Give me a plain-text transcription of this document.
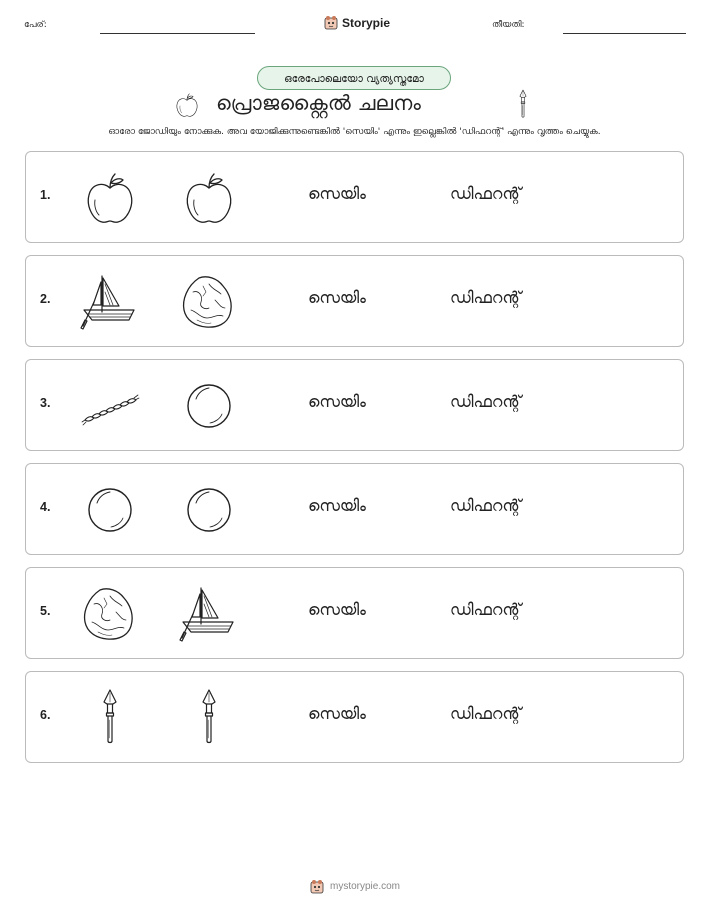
പേര്:	Storypie	തീയതി:
ഒരേപോലെയോ വ്യത്യസ്തമോ
പ്രൊജക്റ്റൈൽ ചലനം
ഓരോ ജോഡിയും നോക്കുക. അവ യോജിക്കുന്നുണ്ടെങ്കിൽ 'സെയിം' എന്നും ഇല്ലെങ്കിൽ 'ഡിഫറന്റ്' എന്നും വൃത്തം ചെയ്യുക.
1.	സെയിം	ഡിഫറന്റ്
2.	സെയിം	ഡിഫറന്റ്
3.	സെയിം	ഡിഫറന്റ്
4.	സെയിം	ഡിഫറന്റ്
5.	സെയിം	ഡിഫറന്റ്
6.	സെയിം	ഡിഫറന്റ്
mystorypie.com
